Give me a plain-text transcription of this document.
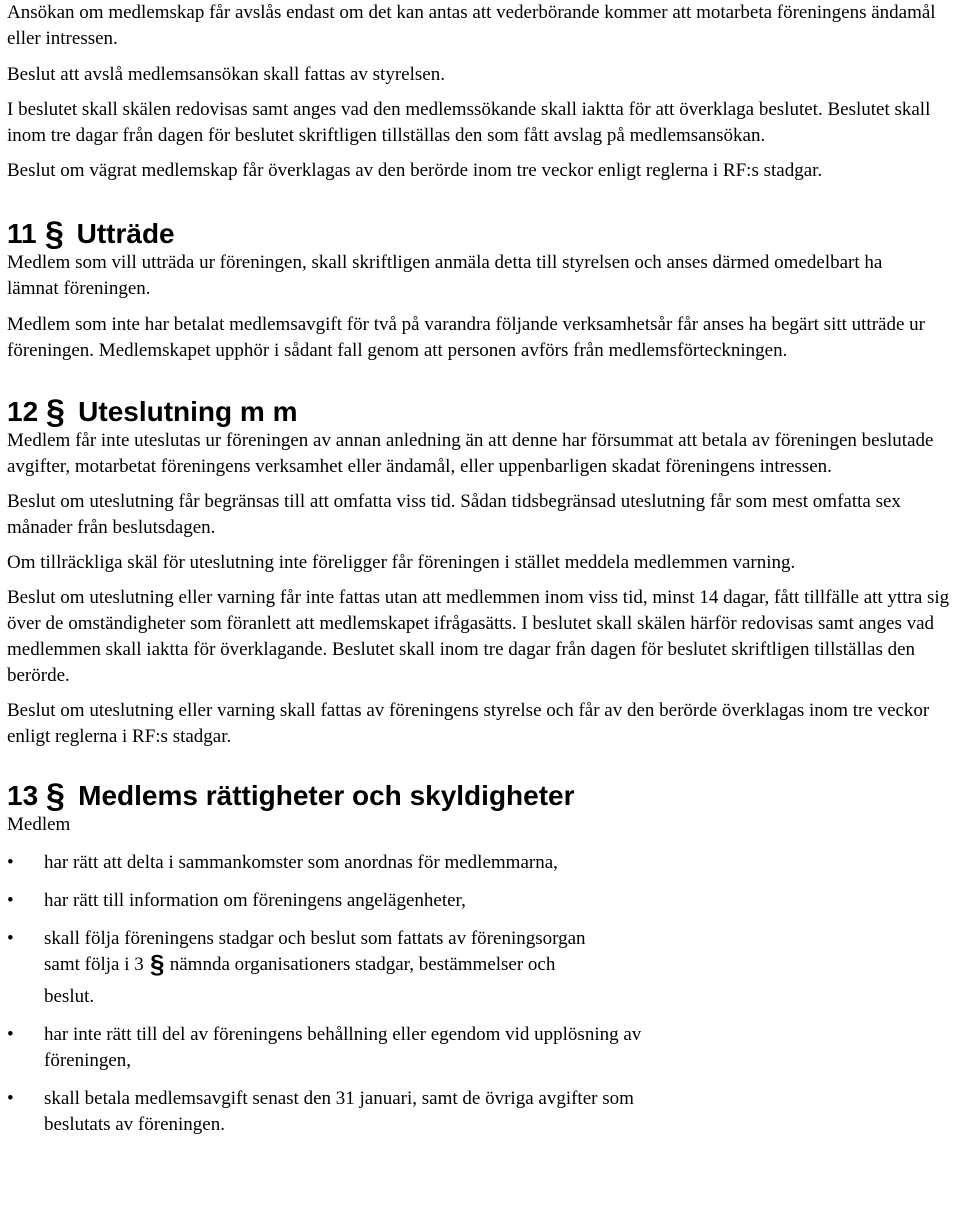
Ansökan om medlemskap får avslås endast om det kan antas att vederbörande kommer att motarbeta föreningens ändamål eller intressen.

Beslut att avslå medlemsansökan skall fattas av styrelsen.

I beslutet skall skälen redovisas samt anges vad den medlemssökande skall iaktta för att överklaga beslutet. Beslutet skall inom tre dagar från dagen för beslutet skriftligen tillställas den som fått avslag på medlemsansökan.

Beslut om vägrat medlemskap får överklagas av den berörde inom tre veckor enligt reglerna i RF:s stadgar.

11 § Utträde

Medlem som vill utträda ur föreningen, skall skriftligen anmäla detta till styrelsen och anses därmed omedelbart ha lämnat föreningen.

Medlem som inte har betalat medlemsavgift för två på varandra följande verksamhetsår får anses ha begärt sitt utträde ur föreningen. Medlemskapet upphör i sådant fall genom att personen avförs från medlemsförteckningen.

12 § Uteslutning m m

Medlem får inte uteslutas ur föreningen av annan anledning än att denne har försummat att betala av föreningen beslutade avgifter, motarbetat föreningens verksamhet eller ändamål, eller uppenbarligen skadat föreningens intressen.

Beslut om uteslutning får begränsas till att omfatta viss tid. Sådan tidsbegränsad uteslutning får som mest omfatta sex månader från beslutsdagen.

Om tillräckliga skäl för uteslutning inte föreligger får föreningen i stället meddela medlemmen varning.

Beslut om uteslutning eller varning får inte fattas utan att medlemmen inom viss tid, minst 14 dagar, fått tillfälle att yttra sig över de omständigheter som föranlett att medlemskapet ifrågasätts. I beslutet skall skälen härför redovisas samt anges vad medlemmen skall iaktta för överklagande. Beslutet skall inom tre dagar från dagen för beslutet skriftligen tillställas den berörde.

Beslut om uteslutning eller varning skall fattas av föreningens styrelse och får av den berörde överklagas inom tre veckor enligt reglerna i RF:s stadgar.

13 § Medlems rättigheter och skyldigheter

Medlem

• har rätt att delta i sammankomster som anordnas för medlemmarna,
• har rätt till information om föreningens angelägenheter,
• skall följa föreningens stadgar och beslut som fattats av föreningsorgan samt följa i 3 § nämnda organisationers stadgar, bestämmelser och beslut.
• har inte rätt till del av föreningens behållning eller egendom vid upplösning av föreningen,
• skall betala medlemsavgift senast den 31 januari, samt de övriga avgifter som beslutats av föreningen.
